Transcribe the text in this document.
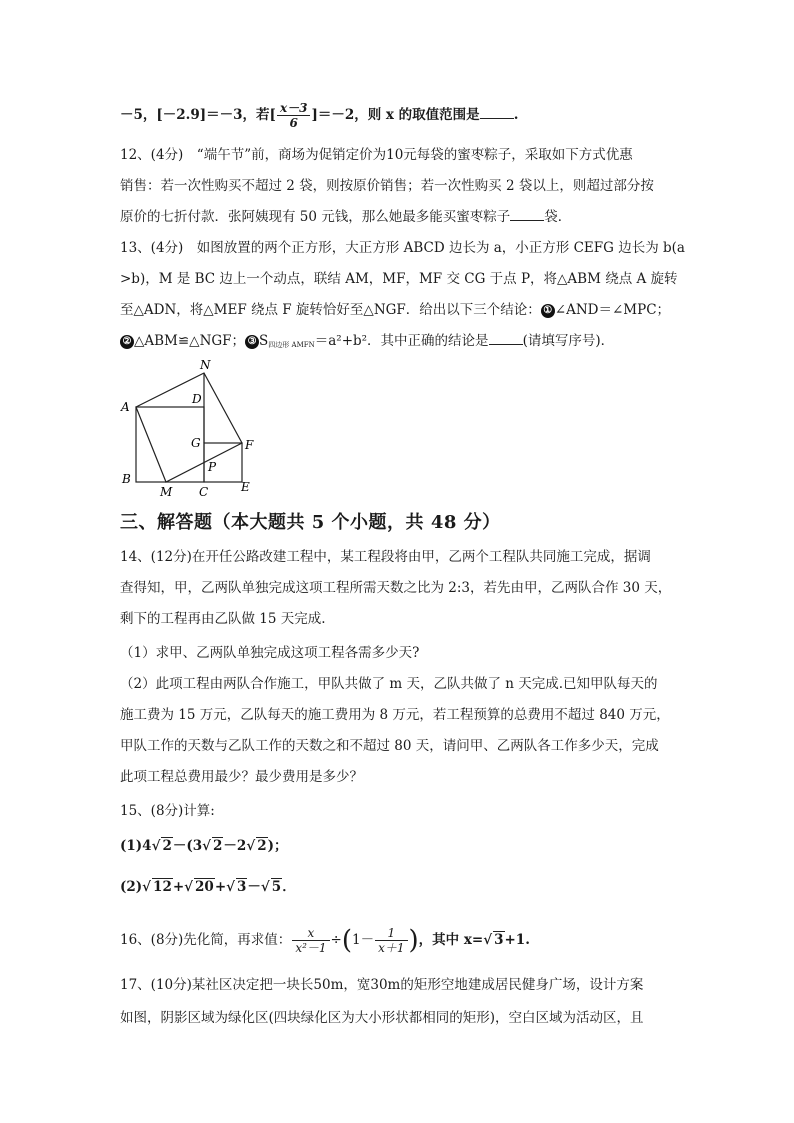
－5，[－2.9]＝－3，若[ $\frac{x-3}{6} ]=-2$，则 x 的取值范围是	.
12、(4分)　“端午节”前，商场为促销定价为10元每袋的蜜枣粽子，采取如下方式优惠
销售：若一次性购买不超过 2 袋，则按原价销售；若一次性购买 2 袋以上，则超过部分按
原价的七折付款．张阿姨现有 50 元钱，那么她最多能买蜜枣粽子	袋．
13、(4分)　如图放置的两个正方形，大正方形 ABCD 边长为 a，小正方形 CEFG 边长为 b(a
>b)，M 是 BC 边上一个动点，联结 AM，MF，MF 交 CG 于点 P，将△ABM 绕点 A 旋转
至△ADN，将△MEF 绕点 F 旋转恰好至△NGF．给出以下三个结论： ① ∠AND＝∠MPC；
② △ABM≌△NGF； ③ $S_{四边形 AMFN}=a^2+b^2$．其中正确的结论是	(请填写序号)．
N
A
D
G	F
P
B
M C	E
三、解答题（本大题共 5 个小题，共 48 分）
14、(12分)在开任公路改建工程中，某工程段将由甲，乙两个工程队共同施工完成，据调
查得知，甲，乙两队单独完成这项工程所需天数之比为 2:3，若先由甲，乙两队合作 30 天，
剩下的工程再由乙队做 15 天完成.
（1）求甲、乙两队单独完成这项工程各需多少天?
（2）此项工程由两队合作施工，甲队共做了 m 天，乙队共做了 n 天完成.已知甲队每天的
施工费为 15 万元，乙队每天的施工费用为 8 万元，若工程预算的总费用不超过 840 万元，
甲队工作的天数与乙队工作的天数之和不超过 80 天，请问甲、乙两队各工作多少天，完成
此项工程总费用最少？最少费用是多少？
15、(8分)计算:
(1)4√ 2－(3√ 2－2√ 2)；
(2)√ 12+√ 20+√ 3－√ 5．
16、(8分)先化简，再求值： $\frac{x}{\text{x²－1}} \div(1- \frac{1}{x+1}$ )，其中 x=√ 3+1.
17、(10分)某社区决定把一块长50m，宽30m的矩形空地建成居民健身广场，设计方案
如图，阴影区域为绿化区(四块绿化区为大小形状都相同的矩形)，空白区域为活动区，且
